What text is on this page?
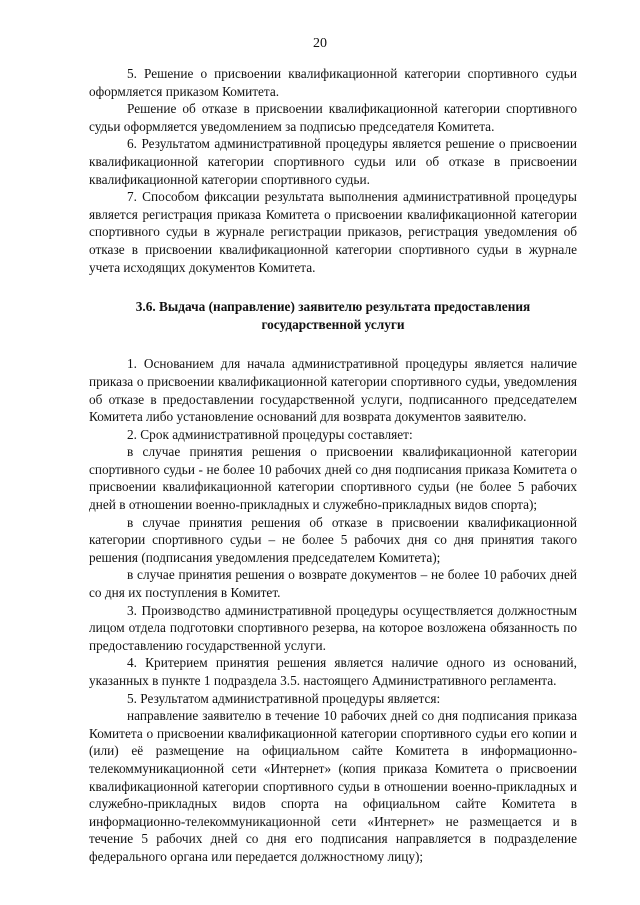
20

5. Решение о присвоении квалификационной категории спортивного судьи оформляется приказом Комитета.

Решение об отказе в присвоении квалификационной категории спортивного судьи оформляется уведомлением за подписью председателя Комитета.

6. Результатом административной процедуры является решение о присвоении квалификационной категории спортивного судьи или об отказе в присвоении квалификационной категории спортивного судьи.

7. Способом фиксации результата выполнения административной процедуры является регистрация приказа Комитета о присвоении квалификационной категории спортивного судьи в журнале регистрации приказов, регистрация уведомления об отказе в присвоении квалификационной категории спортивного судьи в журнале учета исходящих документов Комитета.

3.6. Выдача (направление) заявителю результата предоставления государственной услуги

1. Основанием для начала административной процедуры является наличие приказа о присвоении квалификационной категории спортивного судьи, уведомления об отказе в предоставлении государственной услуги, подписанного председателем Комитета либо установление оснований для возврата документов заявителю.

2. Срок административной процедуры составляет:

в случае принятия решения о присвоении квалификационной категории спортивного судьи - не более 10 рабочих дней со дня подписания приказа Комитета о присвоении квалификационной категории спортивного судьи (не более 5 рабочих дней в отношении военно-прикладных и служебно-прикладных видов спорта);

в случае принятия решения об отказе в присвоении квалификационной категории спортивного судьи – не более 5 рабочих дня со дня принятия такого решения (подписания уведомления председателем Комитета);

в случае принятия решения о возврате документов – не более 10 рабочих дней со дня их поступления в Комитет.

3. Производство административной процедуры осуществляется должностным лицом отдела подготовки спортивного резерва, на которое возложена обязанность по предоставлению государственной услуги.

4. Критерием принятия решения является наличие одного из оснований, указанных в пункте 1 подраздела 3.5. настоящего Административного регламента.

5. Результатом административной процедуры является:

направление заявителю в течение 10 рабочих дней со дня подписания приказа Комитета о присвоении квалификационной категории спортивного судьи его копии и (или) её размещение на официальном сайте Комитета в информационно-телекоммуникационной сети «Интернет» (копия приказа Комитета о присвоении квалификационной категории спортивного судьи в отношении военно-прикладных и служебно-прикладных видов спорта на официальном сайте Комитета в информационно-телекоммуникационной сети «Интернет» не размещается и в течение 5 рабочих дней со дня его подписания направляется в подразделение федерального органа или передается должностному лицу);
